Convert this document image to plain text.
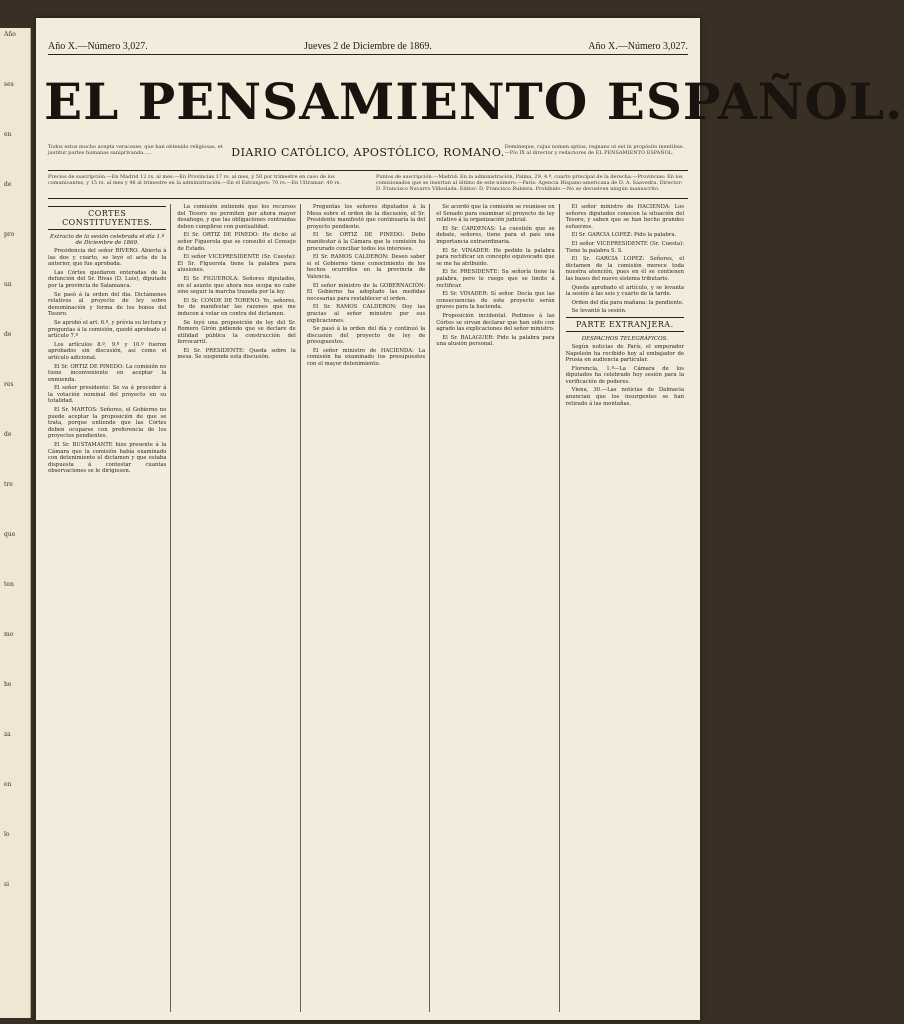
Año
ses
en
de
pro
un
de
res
de
tre
que
ten
mo
he
za
en
lo
si
Año X.—Número 3,027.	Jueves 2 de Diciembre de 1869.	Año X.—Número 3,027.
EL PENSAMIENTO ESPAÑOL.
Todos estos mucho acepta veracesse, que han obtenido religiosas, et justitur partes humanas saniprivanda.....	DIARIO CATÓLICO, APOSTÓLICO, ROMANO. Domineque, cujus nomen sptius, regnans ut est in propósito mentibus.—Pío IX al director y redactores de EL PENSAMIENTO ESPAÑOL.
Precios de suscripción.—En Madrid 12 rs. al mes.—En Provincias 17 rs. al mes, y 50 por trimestre en caso de los comunicantes, y 15 rs. al mes y 48 al trimestre en la administración.—En el Extranjero: 70 rs.—En Ultramar: 40 rs.
Puntos de suscripción.—Madrid: En la administración, Palma, 29, 4.º, cuarto principal de la derecha.—Provincias: En los comisionados que se insertan al último de este número.—París: Agencia Hispano-americana de D. A. Saavedra. Director: D. Francisco Navarro Villoslada. Editor: D. Francisco Rubiera. Prohibido.—No se devuelven ningún manuscrito.
CORTES CONSTITUYENTES.
Extracto de la sesión celebrada el día 1.º de Diciembre de 1869.

Presidencia del señor RIVERO. Abierta á las dos y cuarto, se leyó el acta de la anterior, que fue aprobada.

Las Córtes quedaron enteradas de la defunción del Sr. Rivas (D. Luis), diputado por la provincia de Salamanca.

Se pasó á la orden del día. Dictámenes relativos al proyecto de ley sobre denominación y forma de los bonos del Tesoro.

Se aprobó el art. 6.º, y prévia su lectura y preguntas á la comisión, quedó aprobado el artículo 7.º

Los artículos 8.º, 9.º y 10.º fueron aprobados sin discusión, así como el artículo adicional.

El Sr. ORTIZ DE PINEDO: La comisión no tiene inconveniente en aceptar la enmienda.

El señor presidente: Se va á proceder á la votación nominal del proyecto en su totalidad.

El Sr. MARTOS: Señores, el Gobierno no puede aceptar la proposición de que se trata, porque entiende que las Córtes deben ocuparse con preferencia de los proyectos pendientes.

El Sr. BUSTAMANTE hizo presente á la Cámara que la comisión había examinado con detenimiento el dictamen y que estaba dispuesta á contestar cuantas observaciones se le dirigiesen.

La comisión entiende que los recursos del Tesoro no permiten por ahora mayor desahogo, y que las obligaciones contraidas deben cumplirse con puntualidad.

El Sr. ORTIZ DE PINEDO: He dicho al señor Figuerola que se consultó el Consejo de Estado.

El señor VICEPRESIDENTE (Sr. Cuesta): El Sr. Figuerola tiene la palabra para alusiones.

El Sr. FIGUEROLA: Señores diputados, en el asunto que ahora nos ocupa no cabe sino seguir la marcha trazada por la ley.

El Sr. CONDE DE TORENO: Yo, señores, he de manifestar las razones que me inducen á votar en contra del dictamen.

Se leyó una proposición de ley del Sr. Romero Girón pidiendo que se declare de utilidad pública la construcción del ferrocarril.

El Sr. PRESIDENTE: Queda sobre la mesa. Se suspende esta discusión.

Preguntas los señores diputados á la Mesa sobre el orden de la discusión, el Sr. Presidente manifestó que continuaría la del proyecto pendiente.

El Sr. ORTIZ DE PINEDO: Debo manifestar á la Cámara que la comisión ha procurado conciliar todos los intereses.

El Sr. RAMOS CALDERON: Deseo saber si el Gobierno tiene conocimiento de los hechos ocurridos en la provincia de Valencia.

El señor ministro de la GOBERNACIÓN: El Gobierno ha adoptado las medidas necesarias para restablecer el orden.

El Sr. RAMOS CALDERON: Doy las gracias al señor ministro por sus explicaciones.

Se pasó á la orden del día y continuó la discusión del proyecto de ley de presupuestos.

El señor ministro de HACIENDA: La comisión ha examinado los presupuestos con el mayor detenimiento.

Se acordó que la comisión se reuniese en el Senado para examinar el proyecto de ley relativo á la organización judicial.

El Sr. CARDENAS: La cuestión que se debate, señores, tiene para el país una importancia extraordinaria.

El Sr. VINADER: He pedido la palabra para rectificar un concepto equivocado que se me ha atribuido.

El Sr. PRESIDENTE: Su señoría tiene la palabra, pero le ruego que se limite á rectificar.

El Sr. VINADER: Sí señor. Decía que las consecuencias de este proyecto serán graves para la hacienda.

Proposición incidental. Pedimos á las Córtes se sirvan declarar que han oido con agrado las explicaciones del señor ministro.

El Sr. BALAGUER: Pido la palabra para una alusión personal.

El señor ministro de HACIENDA: Los señores diputados conocen la situación del Tesoro, y saben que se han hecho grandes esfuerzos.

El Sr. GARCIA LOPEZ: Pido la palabra.

El señor VICEPRESIDENTE (Sr. Cuesta): Tiene la palabra S. S.

El Sr. GARCIA LOPEZ: Señores, el dictamen de la comisión merece toda nuestra atención, pues en él se contienen las bases del nuevo sistema tributario.

Queda aprobado el artículo, y se levanta la sesión á las seis y cuarto de la tarde.

Orden del día para mañana: la pendiente.

Se levantó la sesión.

PARTE EXTRANJERA.
DESPACHOS TELEGRÁFICOS.

Según noticias de París, el emperador Napoleón ha recibido hoy al embajador de Prusia en audiencia particular.

Florencia, 1.º—La Cámara de los diputados ha celebrado hoy sesión para la verificación de poderes.

Viena, 30.—Las noticias de Dalmacia anuncian que los insurgentes se han retirado á las montañas.
